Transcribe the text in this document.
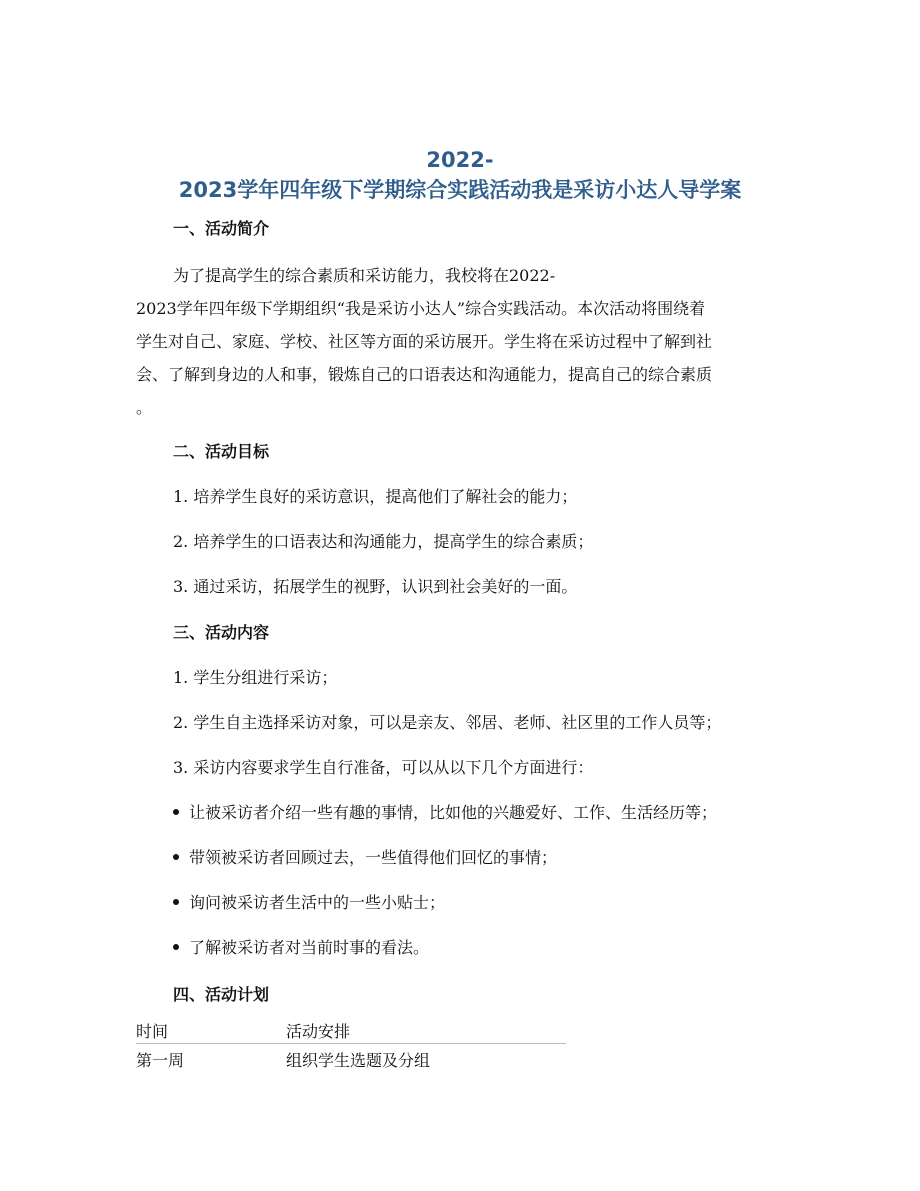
2022-
2023学年四年级下学期综合实践活动我是采访小达人导学案
一、活动简介
为了提高学生的综合素质和采访能力，我校将在2022-
2023学年四年级下学期组织“我是采访小达人”综合实践活动。本次活动将围绕着
学生对自己、家庭、学校、社区等方面的采访展开。学生将在采访过程中了解到社
会、了解到身边的人和事，锻炼自己的口语表达和沟通能力，提高自己的综合素质
。
二、活动目标

1. 培养学生良好的采访意识，提高他们了解社会的能力；

2. 培养学生的口语表达和沟通能力，提高学生的综合素质；

3. 通过采访，拓展学生的视野，认识到社会美好的一面。

三、活动内容

1. 学生分组进行采访；

2. 学生自主选择采访对象，可以是亲友、邻居、老师、社区里的工作人员等；

3. 采访内容要求学生自行准备，可以从以下几个方面进行：

让被采访者介绍一些有趣的事情，比如他的兴趣爱好、工作、生活经历等；

带领被采访者回顾过去，一些值得他们回忆的事情；

询问被采访者生活中的一些小贴士；

了解被采访者对当前时事的看法。

四、活动计划
时间	活动安排
第一周	组织学生选题及分组
